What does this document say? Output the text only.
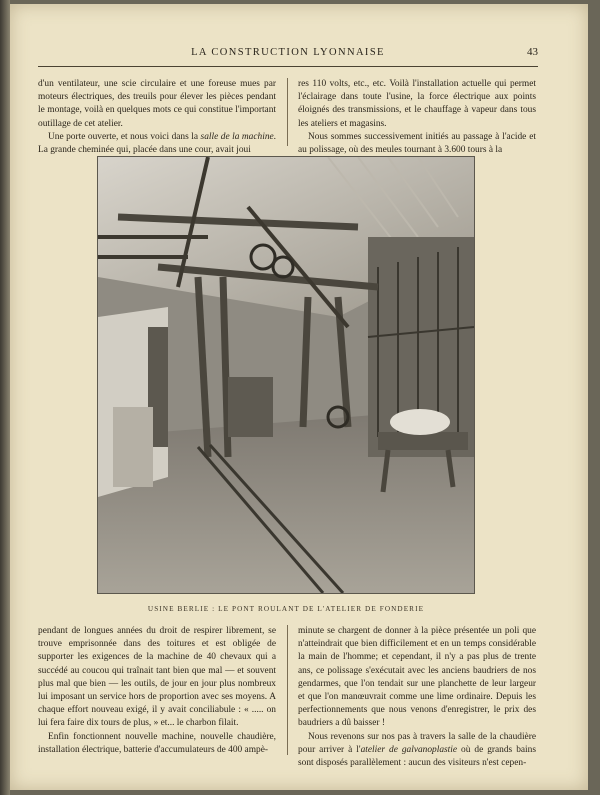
LA CONSTRUCTION LYONNAISE	43

d'un ventilateur, une scie circulaire et une foreuse mues par moteurs électriques, des treuils pour élever les pièces pendant le montage, voilà en quelques mots ce qui constitue l'important outillage de cet atelier.

Une porte ouverte, et nous voici dans la salle de la machine. La grande cheminée qui, placée dans une cour, avait joui

res 110 volts, etc., etc. Voilà l'installation actuelle qui permet l'éclairage dans toute l'usine, la force électrique aux points éloignés des transmissions, et le chauffage à vapeur dans tous les ateliers et magasins.

Nous sommes successivement initiés au passage à l'acide et au polissage, où des meules tournant à 3.600 tours à la

USINE BERLIE : LE PONT ROULANT DE L'ATELIER DE FONDERIE

pendant de longues années du droit de respirer librement, se trouve emprisonnée dans des toitures et est obligée de supporter les exigences de la machine de 40 chevaux qui a succédé au coucou qui traînait tant bien que mal — et souvent plus mal que bien — les outils, de jour en jour plus nombreux lui imposant un service hors de proportion avec ses moyens. A chaque effort nouveau exigé, il y avait conciliabule : « ..... on lui fera faire dix tours de plus, » et... le charbon filait.

Enfin fonctionnent nouvelle machine, nouvelle chaudière, installation électrique, batterie d'accumulateurs de 400 ampè-

minute se chargent de donner à la pièce présentée un poli que n'atteindrait que bien difficilement et en un temps considérable la main de l'homme; et cependant, il n'y a pas plus de trente ans, ce polissage s'exécutait avec les anciens baudriers de nos gendarmes, que l'on tendait sur une planchette de leur largeur et que l'on manœuvrait comme une lime ordinaire. Depuis les perfectionnements que nous venons d'enregistrer, le prix des baudriers a dû baisser !

Nous revenons sur nos pas à travers la salle de la chaudière pour arriver à l'atelier de galvanoplastie où de grands bains sont disposés parallèlement : aucun des visiteurs n'est cepen-
